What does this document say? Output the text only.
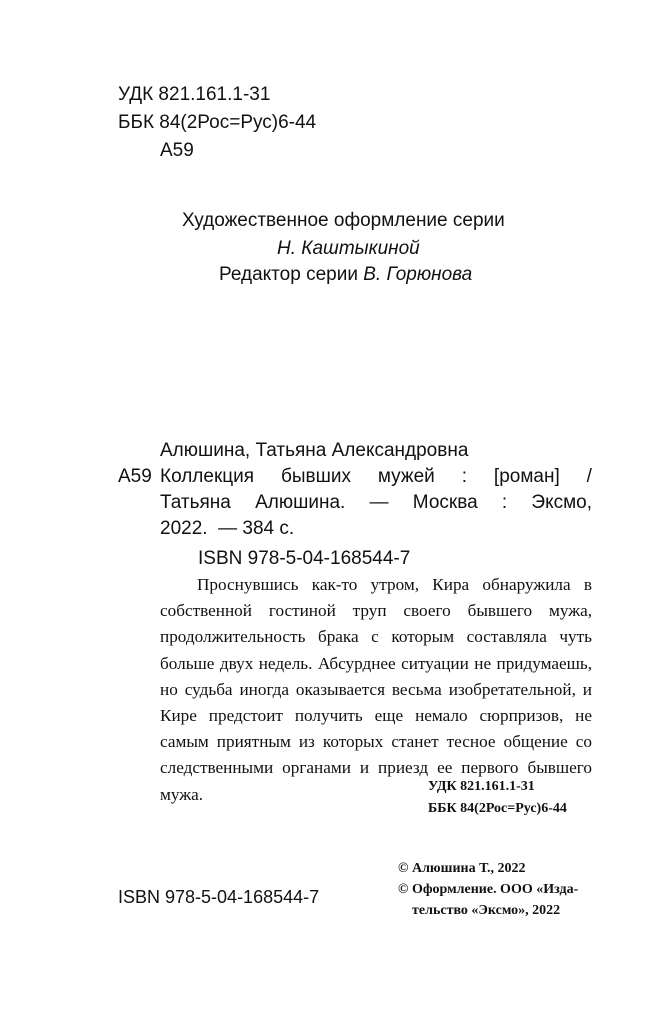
УДК 821.161.1-31
ББК 84(2Рос=Рус)6-44
А59
Художественное оформление серии
Н. Каштыкиной
Редактор серии В. Горюнова
Алюшина, Татьяна Александровна
А59 Коллекция бывших мужей : [роман] /
Татьяна Алюшина. — Москва : Эксмо,
2022.  — 384 с.
ISBN 978-5-04-168544-7
Проснувшись как-то утром, Кира обнаружила в собственной гостиной труп своего бывшего мужа, продолжительность брака с которым составляла чуть больше двух недель. Абсурднее ситуации не придумаешь, но судьба иногда оказывается весьма изобретательной, и Кире предстоит получить еще немало сюрпризов, не самым приятным из которых станет тесное общение со следственными органами и приезд ее первого бывшего мужа.	УДК 821.161.1-31
ББК 84(2Рос=Рус)6-44
ISBN 978-5-04-168544-7
© Алюшина Т., 2022
© Оформление. ООО «Изда-
тельство «Эксмо», 2022
